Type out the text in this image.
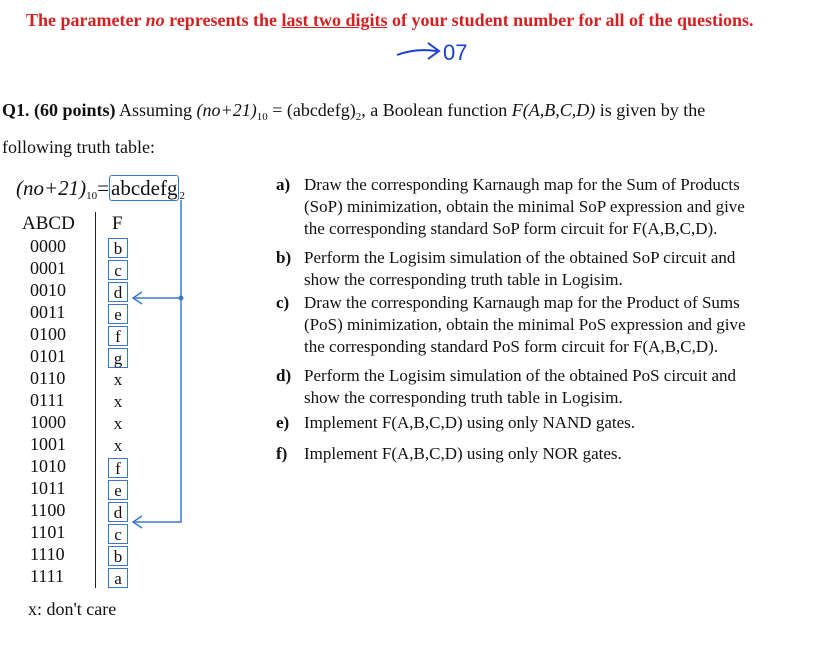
The parameter no represents the last two digits of your student number for all of the questions.
07
Q1. (60 points) Assuming $(no+21)_{10}$ = $(abcdefg)_2$, a Boolean function F(A,B,C,D) is given by the
following truth table:
$(no+21)_{10}=abcdefg$ $_2$
ABCD F
0000	b
0001	c
0010	d
0011	e
0100	f
0101	g
0110	x
0111	x
1000	x
1001	x
1010	f
1011	e
1100	d
1101	c
1110	b
1111	a
x: don't care
a) Draw the corresponding Karnaugh map for the Sum of Products
(SoP) minimization, obtain the minimal SoP expression and give
the corresponding standard SoP form circuit for F(A,B,C,D).
b) Perform the Logisim simulation of the obtained SoP circuit and
show the corresponding truth table in Logisim.
c) Draw the corresponding Karnaugh map for the Product of Sums
(PoS) minimization, obtain the minimal PoS expression and give
the corresponding standard PoS form circuit for F(A,B,C,D).
d) Perform the Logisim simulation of the obtained PoS circuit and
show the corresponding truth table in Logisim.
e) Implement F(A,B,C,D) using only NAND gates.
f) Implement F(A,B,C,D) using only NOR gates.
